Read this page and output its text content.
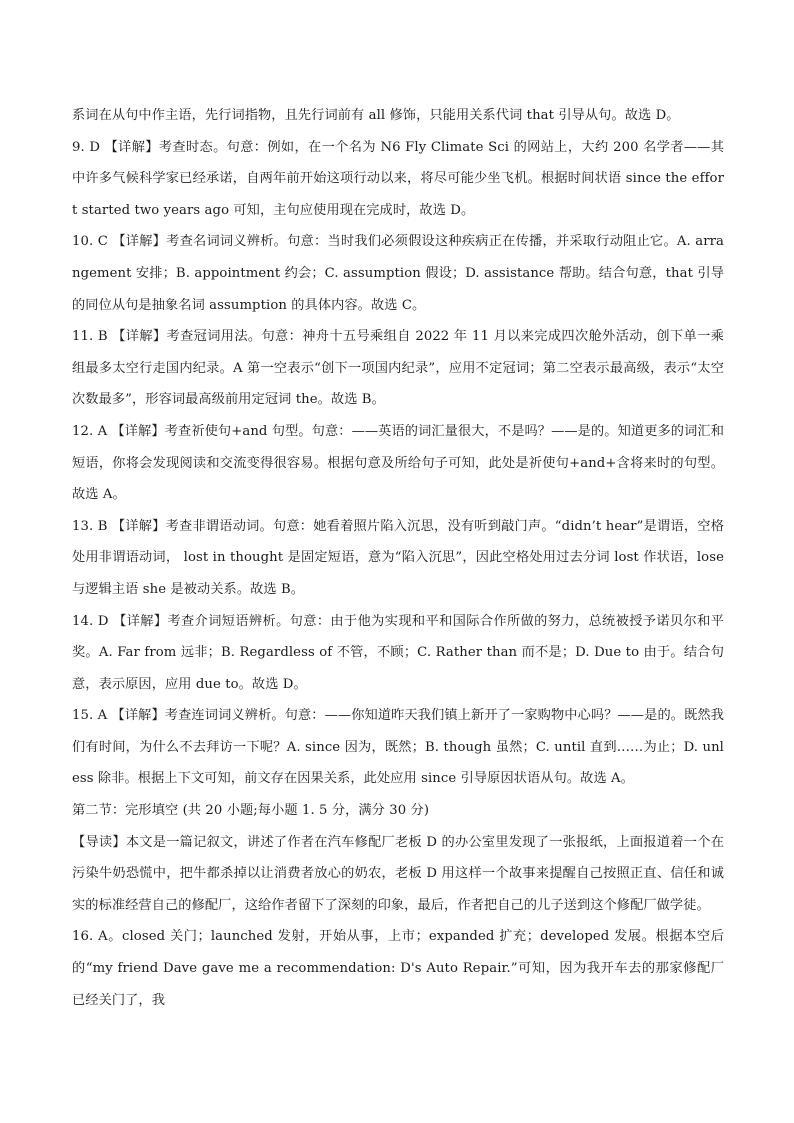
系词在从句中作主语，先行词指物，且先行词前有 all 修饰，只能用关系代词 that 引导从句。故选 D。

9. D 【详解】考查时态。句意：例如，在一个名为 N6 Fly Climate Sci 的网站上，大约 200 名学者——其中许多气候科学家已经承诺，自两年前开始这项行动以来，将尽可能少坐飞机。根据时间状语 since the effort started two years ago 可知，主句应使用现在完成时，故选 D。

10. C 【详解】考查名词词义辨析。句意：当时我们必须假设这种疾病正在传播，并采取行动阻止它。A. arrangement 安排；B. appointment 约会；C. assumption 假设；D. assistance 帮助。结合句意，that 引导的同位从句是抽象名词 assumption 的具体内容。故选 C。

11. B 【详解】考查冠词用法。句意：神舟十五号乘组自 2022 年 11 月以来完成四次舱外活动，创下单一乘组最多太空行走国内纪录。A 第一空表示“创下一项国内纪录”，应用不定冠词；第二空表示最高级，表示“太空次数最多”，形容词最高级前用定冠词 the。故选 B。

12. A 【详解】考查祈使句+and 句型。句意：——英语的词汇量很大，不是吗？——是的。知道更多的词汇和短语，你将会发现阅读和交流变得很容易。根据句意及所给句子可知，此处是祈使句+and+含将来时的句型。故选 A。

13. B 【详解】考查非谓语动词。句意：她看着照片陷入沉思，没有听到敲门声。“didn’t hear”是谓语，空格处用非谓语动词， lost in thought 是固定短语，意为“陷入沉思”，因此空格处用过去分词 lost 作状语，lose 与逻辑主语 she 是被动关系。故选 B。

14. D 【详解】考查介词短语辨析。句意：由于他为实现和平和国际合作所做的努力，总统被授予诺贝尔和平奖。A. Far from 远非；B. Regardless of 不管，不顾；C. Rather than 而不是；D. Due to 由于。结合句意，表示原因，应用 due to。故选 D。

15. A 【详解】考查连词词义辨析。句意：——你知道昨天我们镇上新开了一家购物中心吗？——是的。既然我们有时间，为什么不去拜访一下呢？A. since 因为，既然；B. though 虽然；C. until 直到……为止；D. unless 除非。根据上下文可知，前文存在因果关系，此处应用 since 引导原因状语从句。故选 A。

第二节：完形填空 (共 20 小题;每小题 1. 5 分，满分 30 分)

【导读】本文是一篇记叙文，讲述了作者在汽车修配厂老板 D 的办公室里发现了一张报纸，上面报道着一个在污染牛奶恐慌中，把牛都杀掉以让消费者放心的奶农，老板 D 用这样一个故事来提醒自己按照正直、信任和诚实的标准经营自己的修配厂，这给作者留下了深刻的印象，最后，作者把自己的儿子送到这个修配厂做学徒。

16. A。closed 关门；launched 发射，开始从事，上市；expanded 扩充；developed 发展。根据本空后的“my friend Dave gave me a recommendation: D's Auto Repair.”可知，因为我开车去的那家修配厂已经关门了，我
